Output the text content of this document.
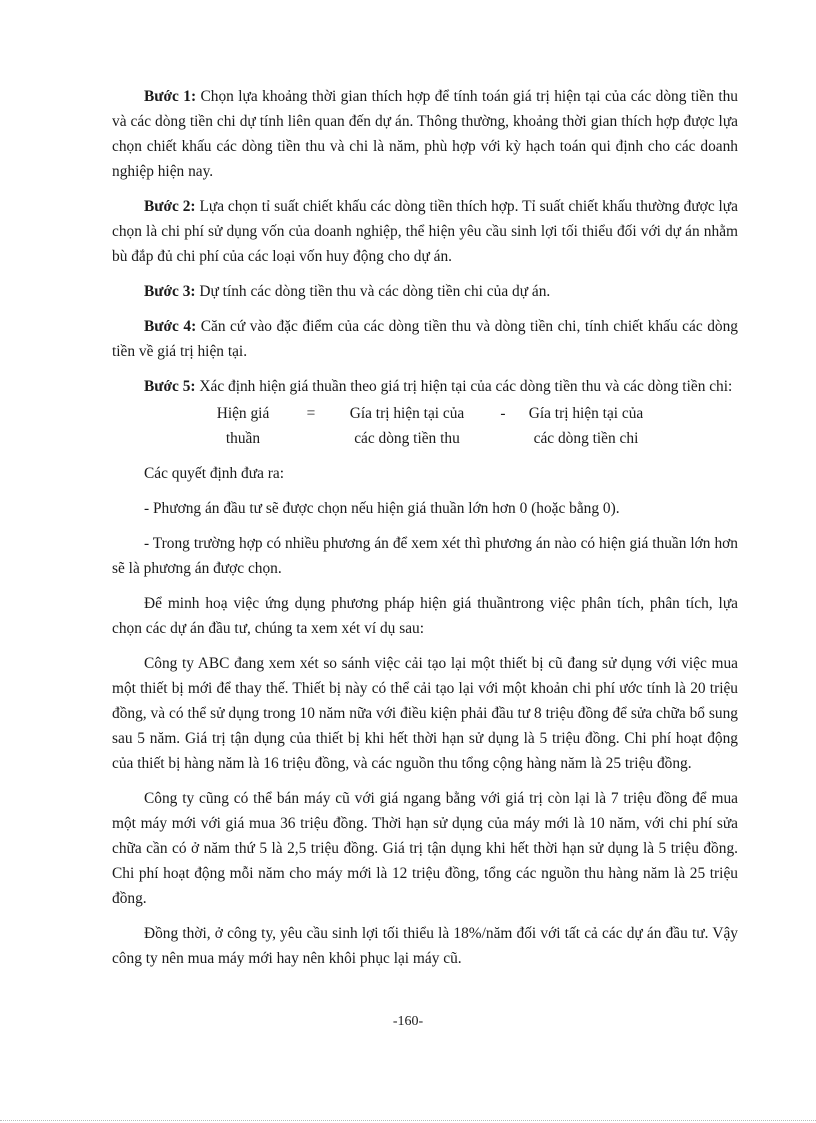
Bước 1: Chọn lựa khoảng thời gian thích hợp để tính toán giá trị hiện tại của các dòng tiền thu và các dòng tiền chi dự tính liên quan đến dự án. Thông thường, khoảng thời gian thích hợp được lựa chọn chiết khấu các dòng tiền thu và chi là năm, phù hợp với kỳ hạch toán qui định cho các doanh nghiệp hiện nay.

Bước 2: Lựa chọn tỉ suất chiết khấu các dòng tiền thích hợp. Tỉ suất chiết khấu thường được lựa chọn là chi phí sử dụng vốn của doanh nghiệp, thể hiện yêu cầu sinh lợi tối thiểu đối với dự án nhằm bù đắp đủ chi phí của các loại vốn huy động cho dự án.

Bước 3: Dự tính các dòng tiền thu và các dòng tiền chi của dự án.

Bước 4: Căn cứ vào đặc điểm của các dòng tiền thu và dòng tiền chi, tính chiết khấu các dòng tiền về giá trị hiện tại.

Bước 5: Xác định hiện giá thuần theo giá trị hiện tại của các dòng tiền thu và các dòng tiền chi:

Hiện giá
thuần
=	Gía trị hiện tại của
các dòng tiền thu
-	Gía trị hiện tại của
các dòng tiền chi

Các quyết định đưa ra:

- Phương án đầu tư sẽ được chọn nếu hiện giá thuần lớn hơn 0 (hoặc bằng 0).

- Trong trường hợp có nhiều phương án để xem xét thì phương án nào có hiện giá thuần lớn hơn sẽ là phương án được chọn.

Để minh hoạ việc ứng dụng phương pháp hiện giá thuầntrong việc phân tích, phân tích, lựa chọn các dự án đầu tư, chúng ta xem xét ví dụ sau:

Công ty ABC đang xem xét so sánh việc cải tạo lại một thiết bị cũ đang sử dụng với việc mua một thiết bị mới để thay thế. Thiết bị này có thể cải tạo lại với một khoản chi phí ước tính là 20 triệu đồng, và có thể sử dụng trong 10 năm nữa với điều kiện phải đầu tư 8 triệu đồng để sửa chữa bổ sung sau 5 năm. Giá trị tận dụng của thiết bị khi hết thời hạn sử dụng là 5 triệu đồng. Chi phí hoạt động của thiết bị hàng năm là 16 triệu đồng, và các nguồn thu tổng cộng hàng năm là 25 triệu đồng.

Công ty cũng có thể bán máy cũ với giá ngang bằng với giá trị còn lại là 7 triệu đồng để mua một máy mới với giá mua 36 triệu đồng. Thời hạn sử dụng của máy mới là 10 năm, với chi phí sửa chữa cần có ở năm thứ 5 là 2,5 triệu đồng. Giá trị tận dụng khi hết thời hạn sử dụng là 5 triệu đồng. Chi phí hoạt động mỗi năm cho máy mới là 12 triệu đồng, tổng các nguồn thu hàng năm là 25 triệu đồng.

Đồng thời, ở công ty, yêu cầu sinh lợi tối thiểu là 18%/năm đối với tất cả các dự án đầu tư. Vậy công ty nên mua máy mới hay nên khôi phục lại máy cũ.

-160-
